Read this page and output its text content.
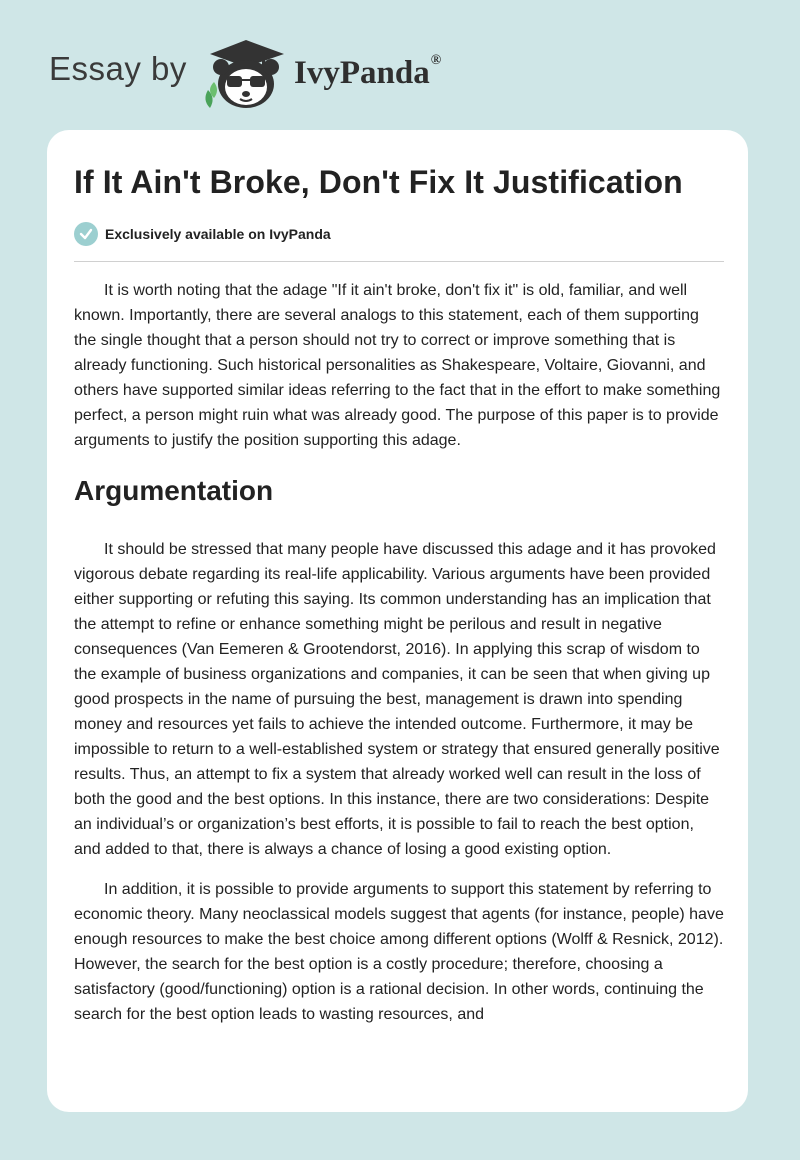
Essay by	IvyPanda®
If It Ain't Broke, Don't Fix It Justification
Exclusively available on IvyPanda

It is worth noting that the adage "If it ain't broke, don't fix it" is old, familiar, and well known. Importantly, there are several analogs to this statement, each of them supporting the single thought that a person should not try to correct or improve something that is already functioning. Such historical personalities as Shakespeare, Voltaire, Giovanni, and others have supported similar ideas referring to the fact that in the effort to make something perfect, a person might ruin what was already good. The purpose of this paper is to provide arguments to justify the position supporting this adage.

Argumentation

It should be stressed that many people have discussed this adage and it has provoked vigorous debate regarding its real-life applicability. Various arguments have been provided either supporting or refuting this saying. Its common understanding has an implication that the attempt to refine or enhance something might be perilous and result in negative consequences (Van Eemeren & Grootendorst, 2016). In applying this scrap of wisdom to the example of business organizations and companies, it can be seen that when giving up good prospects in the name of pursuing the best, management is drawn into spending money and resources yet fails to achieve the intended outcome. Furthermore, it may be impossible to return to a well-established system or strategy that ensured generally positive results. Thus, an attempt to fix a system that already worked well can result in the loss of both the good and the best options. In this instance, there are two considerations: Despite an individual’s or organization’s best efforts, it is possible to fail to reach the best option, and added to that, there is always a chance of losing a good existing option.

In addition, it is possible to provide arguments to support this statement by referring to economic theory. Many neoclassical models suggest that agents (for instance, people) have enough resources to make the best choice among different options (Wolff & Resnick, 2012). However, the search for the best option is a costly procedure; therefore, choosing a satisfactory (good/functioning) option is a rational decision. In other words, continuing the search for the best option leads to wasting resources, and
